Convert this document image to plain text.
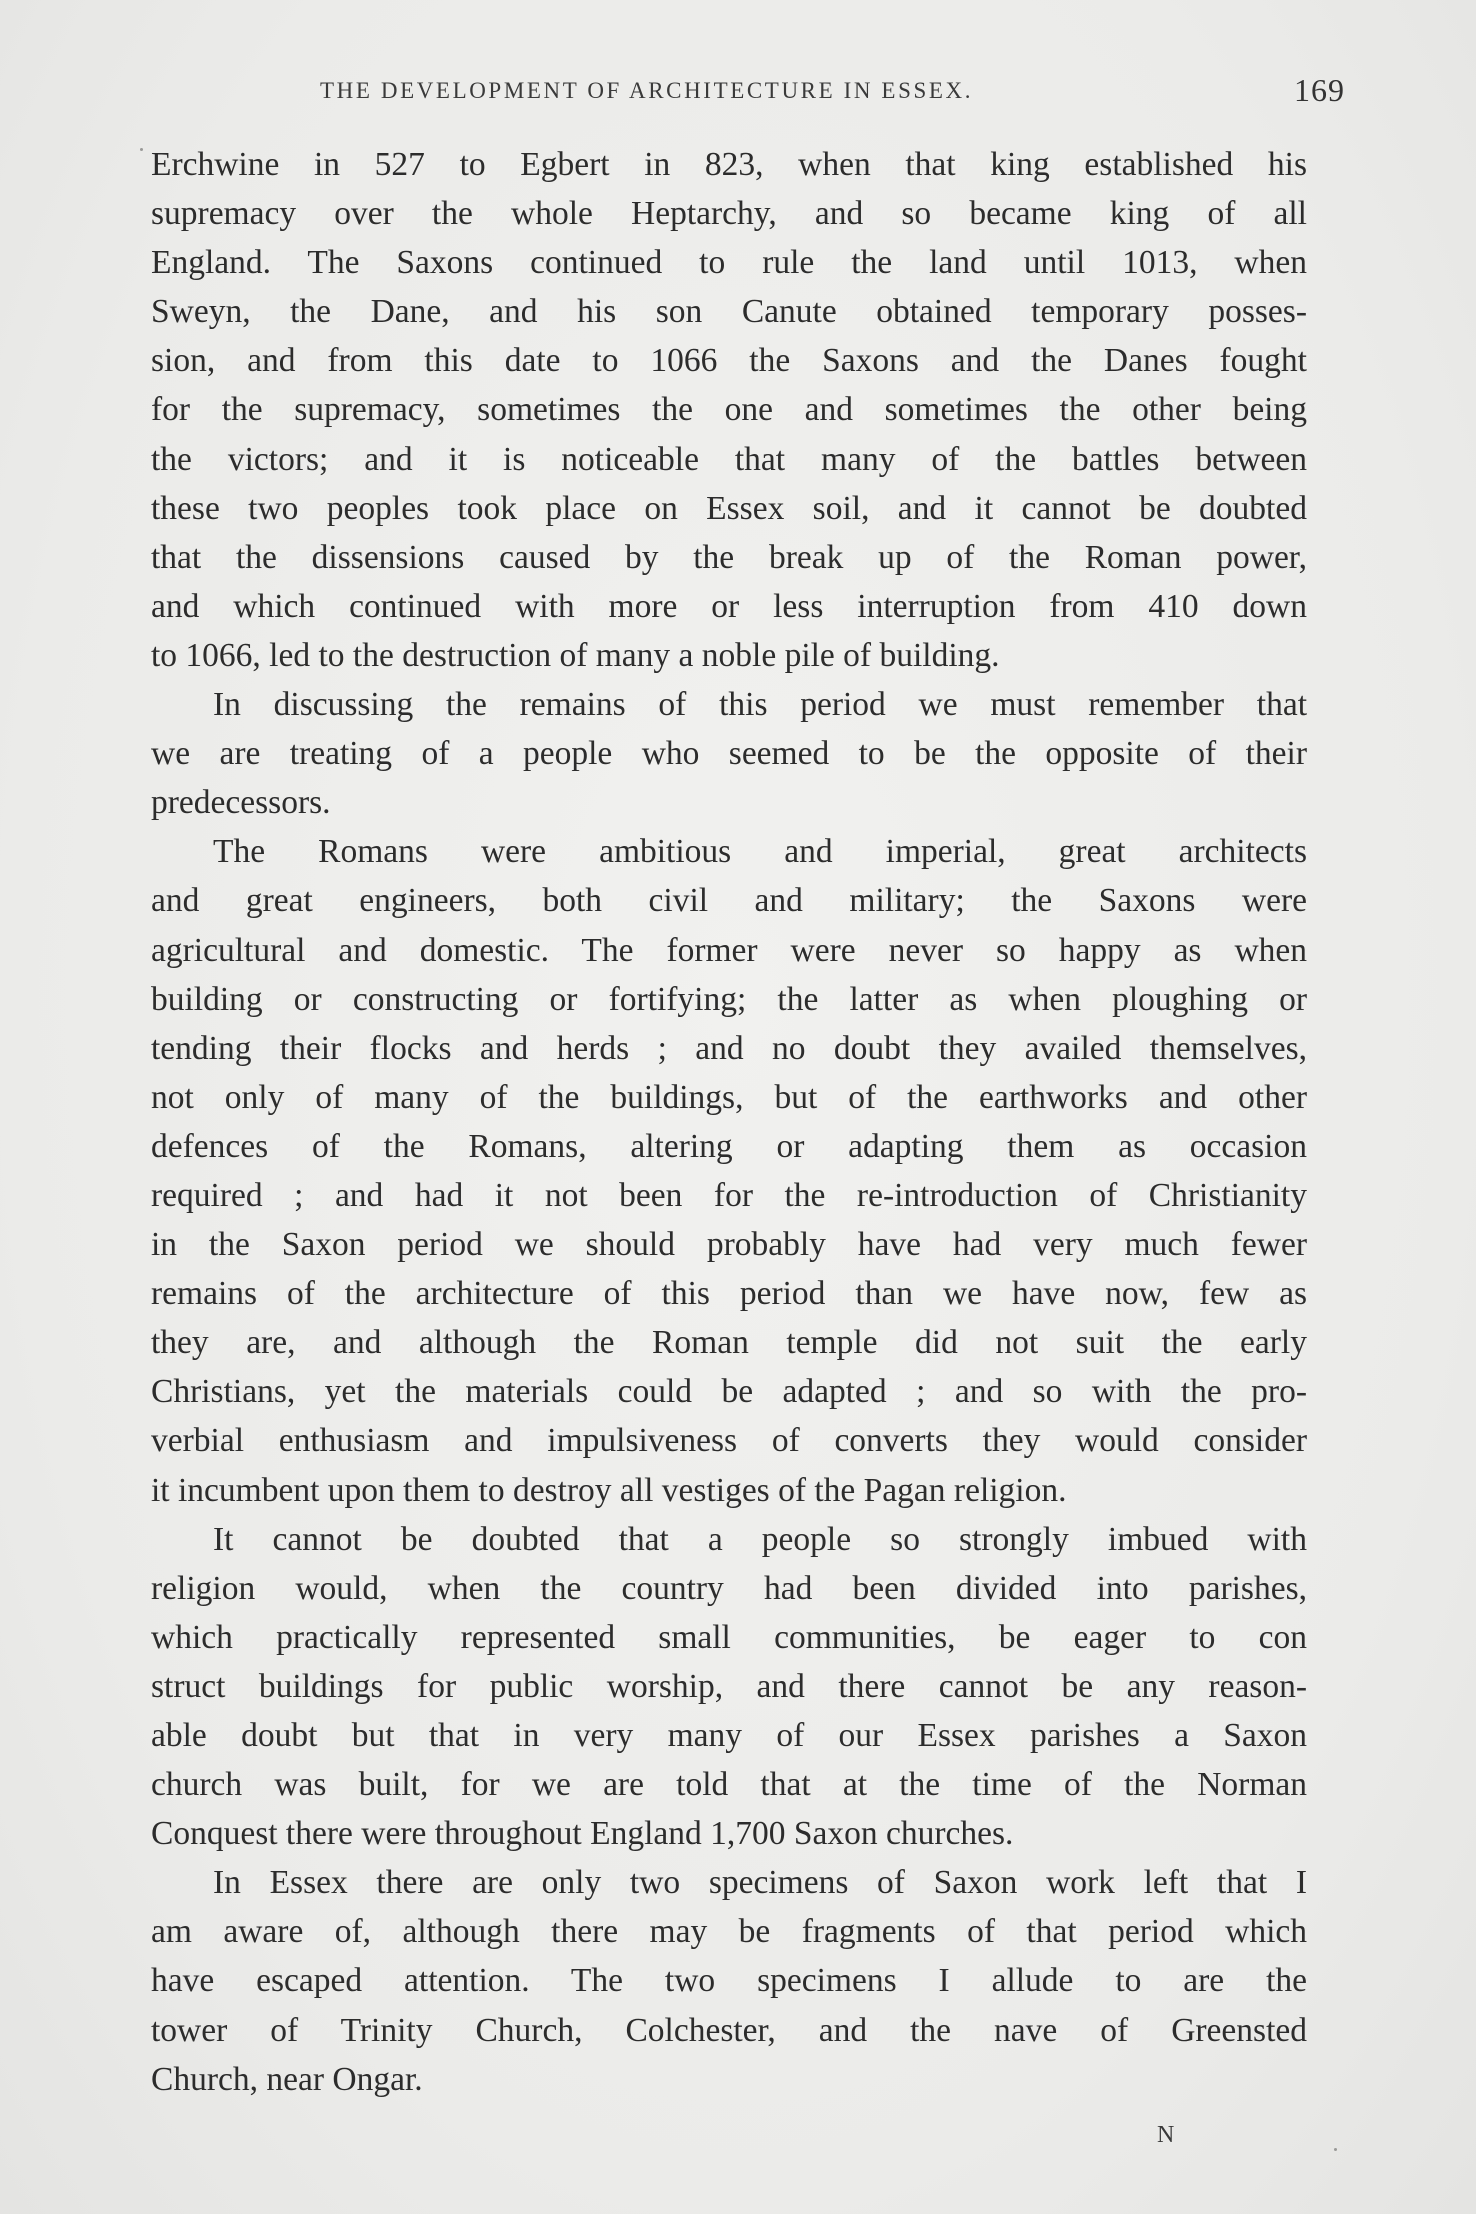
THE DEVELOPMENT OF ARCHITECTURE IN ESSEX.	169
Erchwine in 527 to Egbert in 823, when that king established his
supremacy over the whole Heptarchy, and so became king of all
England. The Saxons continued to rule the land until 1013, when
Sweyn, the Dane, and his son Canute obtained temporary posses-
sion, and from this date to 1066 the Saxons and the Danes fought
for the supremacy, sometimes the one and sometimes the other being
the victors; and it is noticeable that many of the battles between
these two peoples took place on Essex soil, and it cannot be doubted
that the dissensions caused by the break up of the Roman power,
and which continued with more or less interruption from 410 down
to 1066, led to the destruction of many a noble pile of building.
In discussing the remains of this period we must remember that
we are treating of a people who seemed to be the opposite of their
predecessors.
The Romans were ambitious and imperial, great architects
and great engineers, both civil and military; the Saxons were
agricultural and domestic. The former were never so happy as when
building or constructing or fortifying; the latter as when ploughing or
tending their flocks and herds ; and no doubt they availed themselves,
not only of many of the buildings, but of the earthworks and other
defences of the Romans, altering or adapting them as occasion
required ; and had it not been for the re-introduction of Christianity
in the Saxon period we should probably have had very much fewer
remains of the architecture of this period than we have now, few as
they are, and although the Roman temple did not suit the early
Christians, yet the materials could be adapted ; and so with the pro-
verbial enthusiasm and impulsiveness of converts they would consider
it incumbent upon them to destroy all vestiges of the Pagan religion.
It cannot be doubted that a people so strongly imbued with
religion would, when the country had been divided into parishes,
which practically represented small communities, be eager to con
struct buildings for public worship, and there cannot be any reason-
able doubt but that in very many of our Essex parishes a Saxon
church was built, for we are told that at the time of the Norman
Conquest there were throughout England 1,700 Saxon churches.
In Essex there are only two specimens of Saxon work left that I
am aware of, although there may be fragments of that period which
have escaped attention. The two specimens I allude to are the
tower of Trinity Church, Colchester, and the nave of Greensted
Church, near Ongar.
N
